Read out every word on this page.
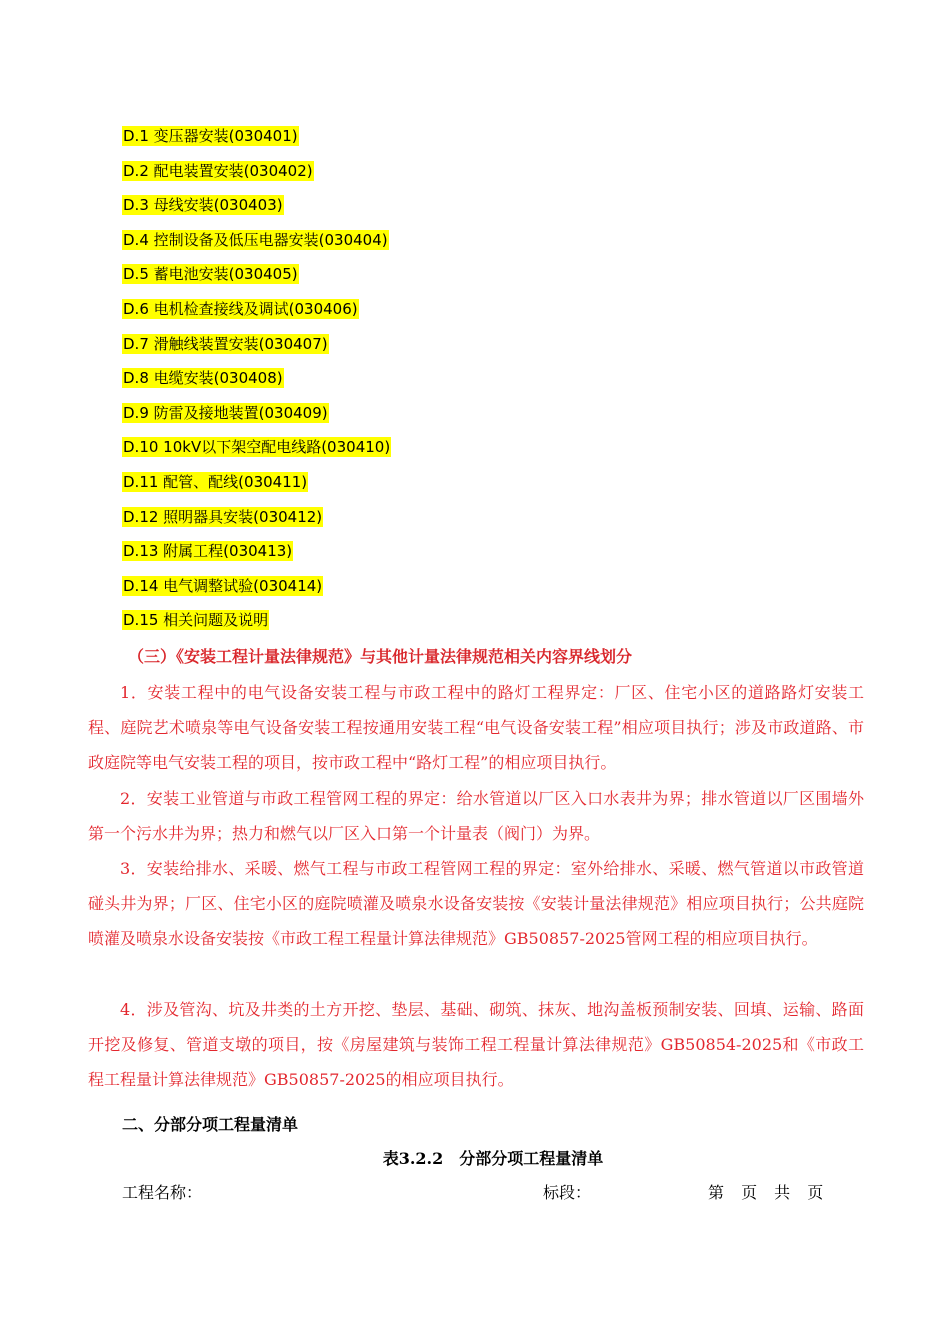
D.1 变压器安装(030401)
D.2 配电装置安装(030402)
D.3 母线安装(030403)
D.4 控制设备及低压电器安装(030404)
D.5 蓄电池安装(030405)
D.6 电机检查接线及调试(030406)
D.7 滑触线装置安装(030407)
D.8 电缆安装(030408)
D.9 防雷及接地装置(030409)
D.10 10kV以下架空配电线路(030410)
D.11 配管、配线(030411)
D.12 照明器具安装(030412)
D.13 附属工程(030413)
D.14 电气调整试验(030414)
D.15 相关问题及说明
（三）《安装工程计量法律规范》与其他计量法律规范相关内容界线划分

1．安装工程中的电气设备安装工程与市政工程中的路灯工程界定：厂区、住宅小区的道路路灯安装工程、庭院艺术喷泉等电气设备安装工程按通用安装工程“电气设备安装工程”相应项目执行；涉及市政道路、市政庭院等电气安装工程的项目，按市政工程中“路灯工程”的相应项目执行。

2．安装工业管道与市政工程管网工程的界定：给水管道以厂区入口水表井为界；排水管道以厂区围墙外第一个污水井为界；热力和燃气以厂区入口第一个计量表（阀门）为界。

3．安装给排水、采暖、燃气工程与市政工程管网工程的界定：室外给排水、采暖、燃气管道以市政管道碰头井为界；厂区、住宅小区的庭院喷灌及喷泉水设备安装按《安装计量法律规范》相应项目执行；公共庭院喷灌及喷泉水设备安装按《市政工程工程量计算法律规范》GB50857-2025管网工程的相应项目执行。

4．涉及管沟、坑及井类的土方开挖、垫层、基础、砌筑、抹灰、地沟盖板预制安装、回填、运输、路面开挖及修复、管道支墩的项目，按《房屋建筑与装饰工程工程量计算法律规范》GB50854-2025和《市政工程工程量计算法律规范》GB50857-2025的相应项目执行。

二、分部分项工程量清单
表3.2.2　分部分项工程量清单
工程名称：	标段：	第 页 共 页
